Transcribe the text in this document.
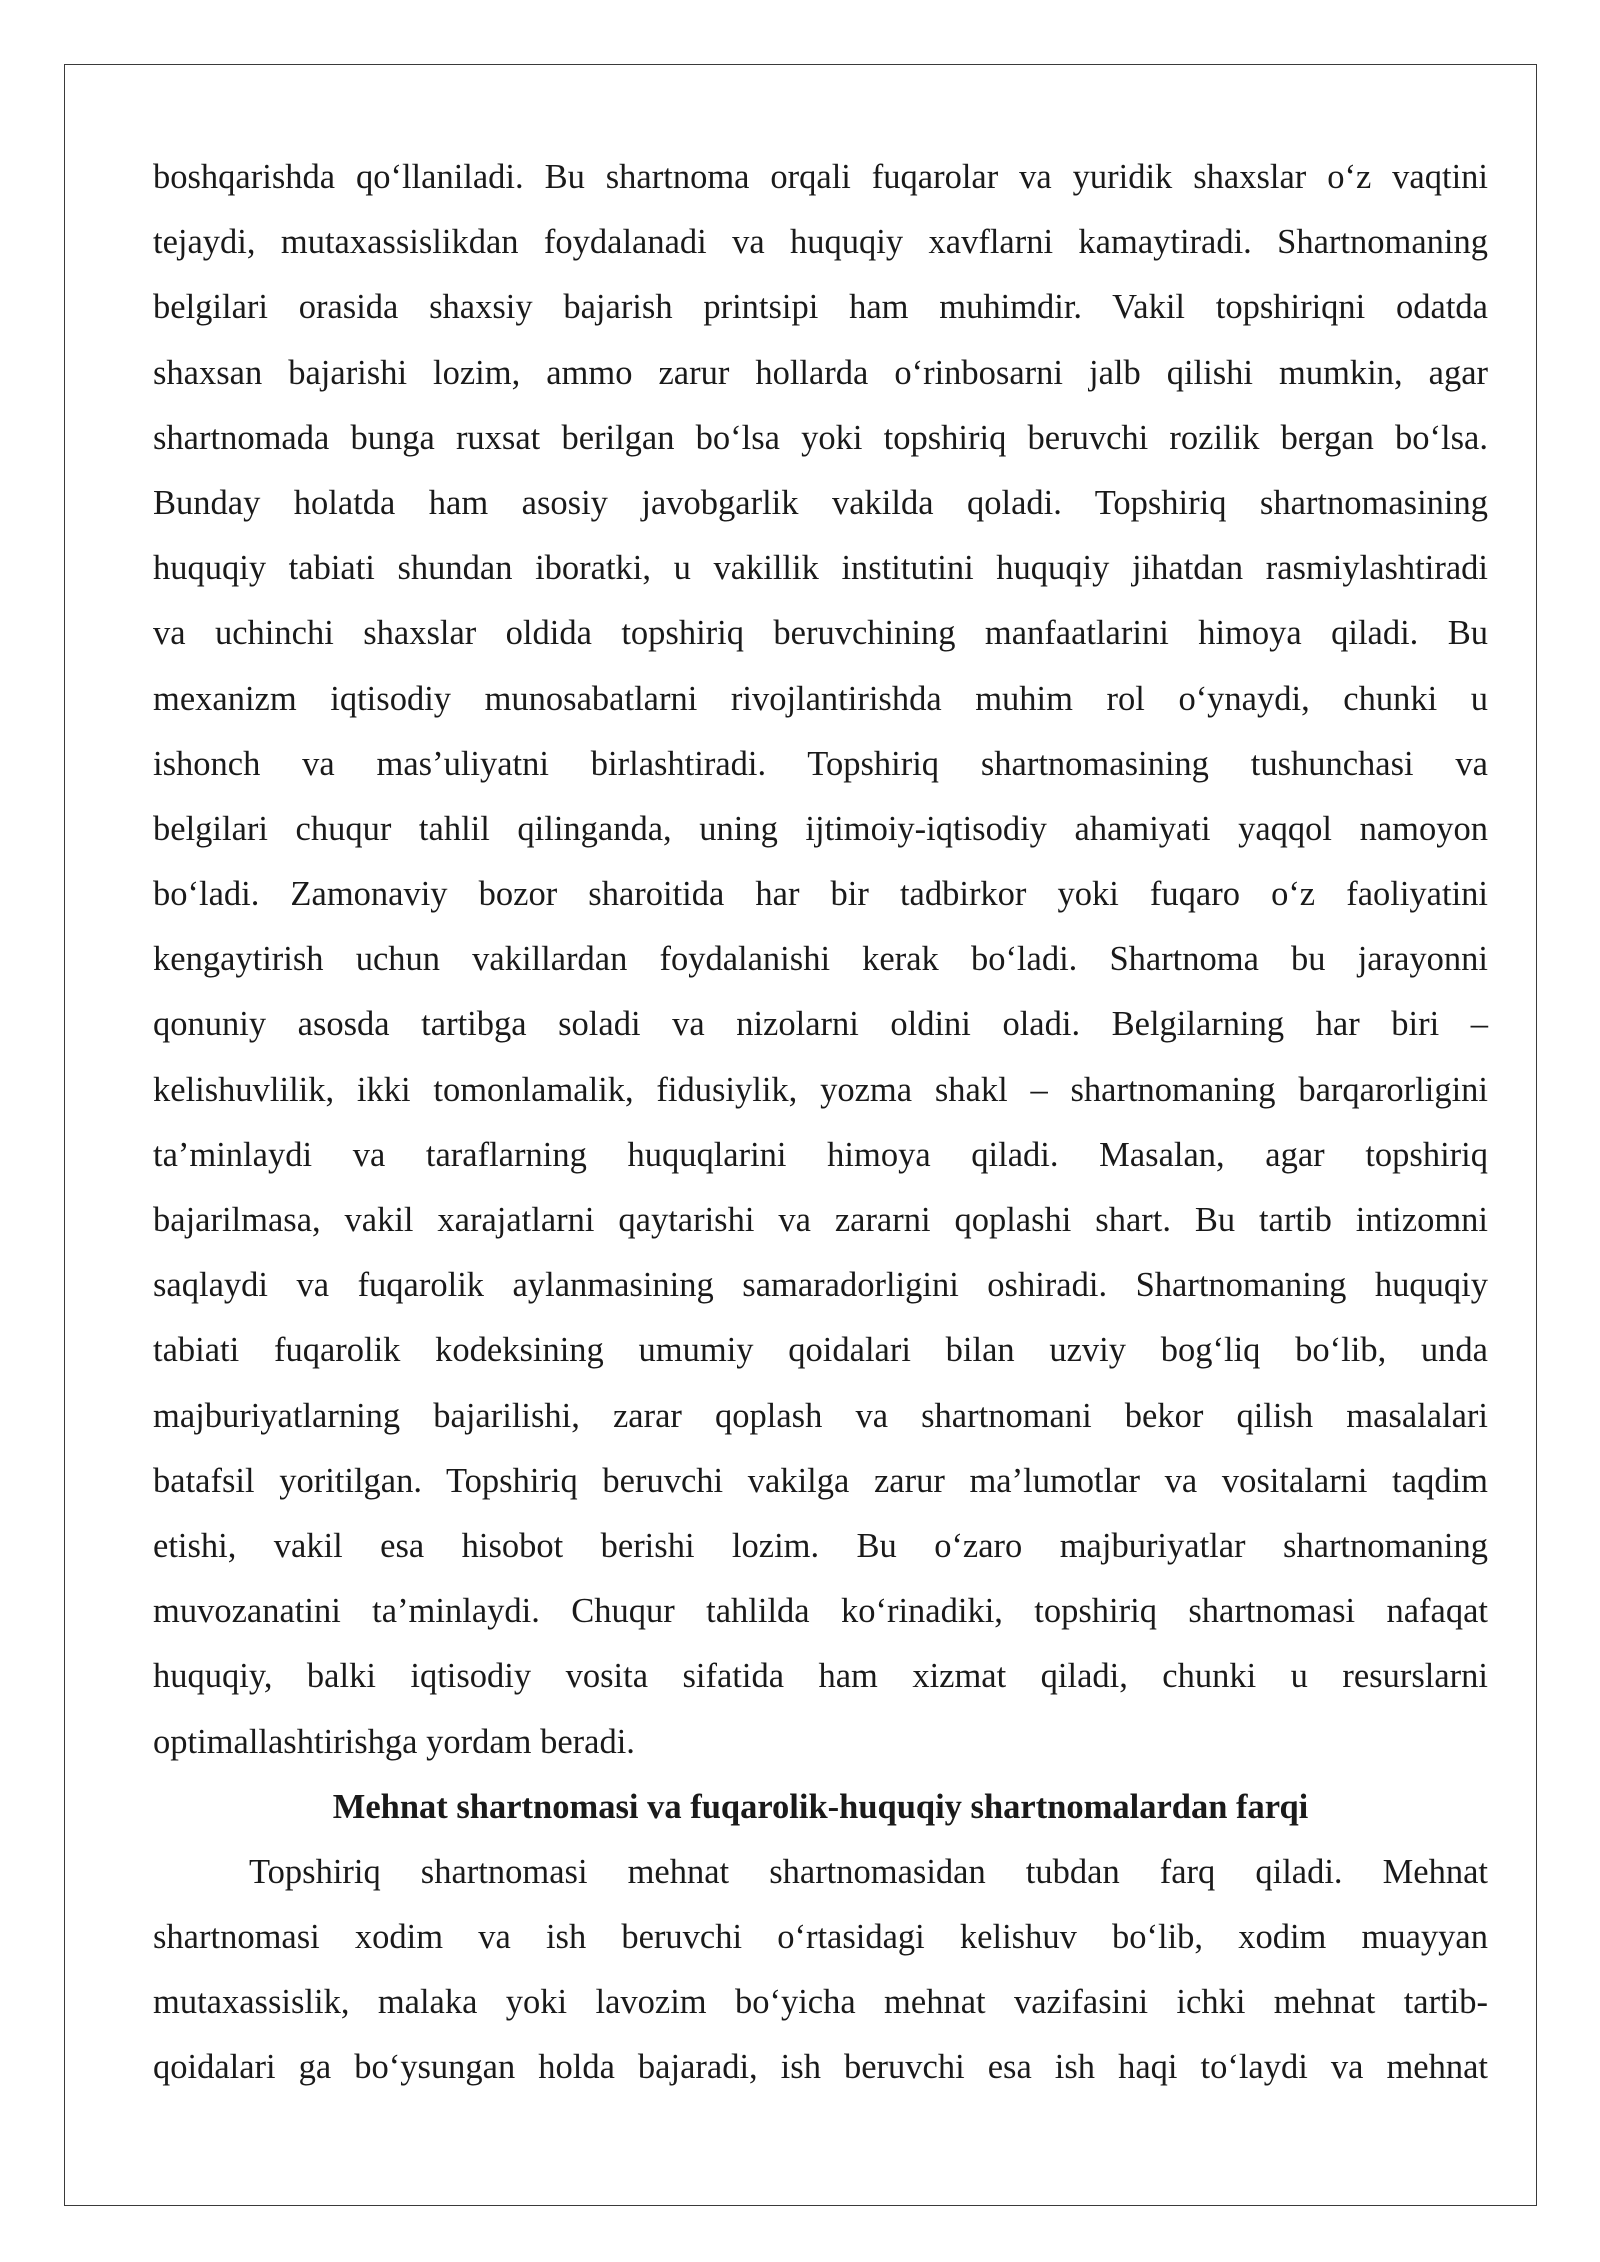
boshqarishda qo‘llaniladi. Bu shartnoma orqali fuqarolar va yuridik shaxslar o‘z vaqtini
tejaydi, mutaxassislikdan foydalanadi va huquqiy xavflarni kamaytiradi. Shartnomaning
belgilari orasida shaxsiy bajarish printsipi ham muhimdir. Vakil topshiriqni odatda
shaxsan bajarishi lozim, ammo zarur hollarda o‘rinbosarni jalb qilishi mumkin, agar
shartnomada bunga ruxsat berilgan bo‘lsa yoki topshiriq beruvchi rozilik bergan bo‘lsa.
Bunday holatda ham asosiy javobgarlik vakilda qoladi. Topshiriq shartnomasining
huquqiy tabiati shundan iboratki, u vakillik institutini huquqiy jihatdan rasmiylashtiradi
va uchinchi shaxslar oldida topshiriq beruvchining manfaatlarini himoya qiladi. Bu
mexanizm iqtisodiy munosabatlarni rivojlantirishda muhim rol o‘ynaydi, chunki u
ishonch va mas’uliyatni birlashtiradi. Topshiriq shartnomasining tushunchasi va
belgilari chuqur tahlil qilinganda, uning ijtimoiy-iqtisodiy ahamiyati yaqqol namoyon
bo‘ladi. Zamonaviy bozor sharoitida har bir tadbirkor yoki fuqaro o‘z faoliyatini
kengaytirish uchun vakillardan foydalanishi kerak bo‘ladi. Shartnoma bu jarayonni
qonuniy asosda tartibga soladi va nizolarni oldini oladi. Belgilarning har biri –
kelishuvlilik, ikki tomonlamalik, fidusiylik, yozma shakl – shartnomaning barqarorligini
ta’minlaydi va taraflarning huquqlarini himoya qiladi. Masalan, agar topshiriq
bajarilmasa, vakil xarajatlarni qaytarishi va zararni qoplashi shart. Bu tartib intizomni
saqlaydi va fuqarolik aylanmasining samaradorligini oshiradi. Shartnomaning huquqiy
tabiati fuqarolik kodeksining umumiy qoidalari bilan uzviy bog‘liq bo‘lib, unda
majburiyatlarning bajarilishi, zarar qoplash va shartnomani bekor qilish masalalari
batafsil yoritilgan. Topshiriq beruvchi vakilga zarur ma’lumotlar va vositalarni taqdim
etishi, vakil esa hisobot berishi lozim. Bu o‘zaro majburiyatlar shartnomaning
muvozanatini ta’minlaydi. Chuqur tahlilda ko‘rinadiki, topshiriq shartnomasi nafaqat
huquqiy, balki iqtisodiy vosita sifatida ham xizmat qiladi, chunki u resurslarni
optimallashtirishga yordam beradi.
Mehnat shartnomasi va fuqarolik-huquqiy shartnomalardan farqi
Topshiriq shartnomasi mehnat shartnomasidan tubdan farq qiladi. Mehnat
shartnomasi xodim va ish beruvchi o‘rtasidagi kelishuv bo‘lib, xodim muayyan
mutaxassislik, malaka yoki lavozim bo‘yicha mehnat vazifasini ichki mehnat tartib-
qoidalari ga bo‘ysungan holda bajaradi, ish beruvchi esa ish haqi to‘laydi va mehnat
